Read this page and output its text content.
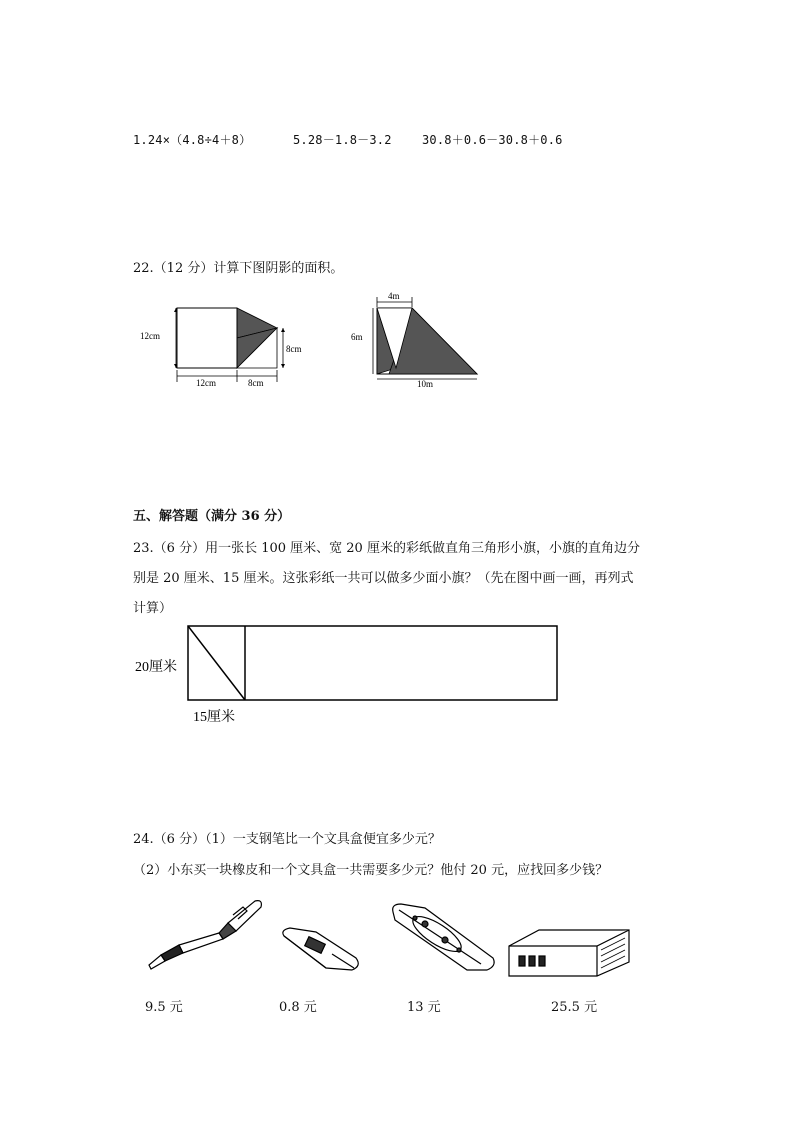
1.24×（4.8÷4＋8）	5.28－1.8－3.2	30.8＋0.6－30.8＋0.6
22.（12 分）计算下图阴影的面积。
12cm
8cm
12cm	8cm
4m
6m
10m
五、解答题（满分 36 分）
23.（6 分）用一张长 100 厘米、宽 20 厘米的彩纸做直角三角形小旗，小旗的直角边分
别是 20 厘米、15 厘米。这张彩纸一共可以做多少面小旗？（先在图中画一画，再列式
计算）
20厘米
15厘米
24.（6 分）（1）一支钢笔比一个文具盒便宜多少元？
（2）小东买一块橡皮和一个文具盒一共需要多少元？他付 20 元，应找回多少钱？
9.5 元	0.8 元	13 元	25.5 元
